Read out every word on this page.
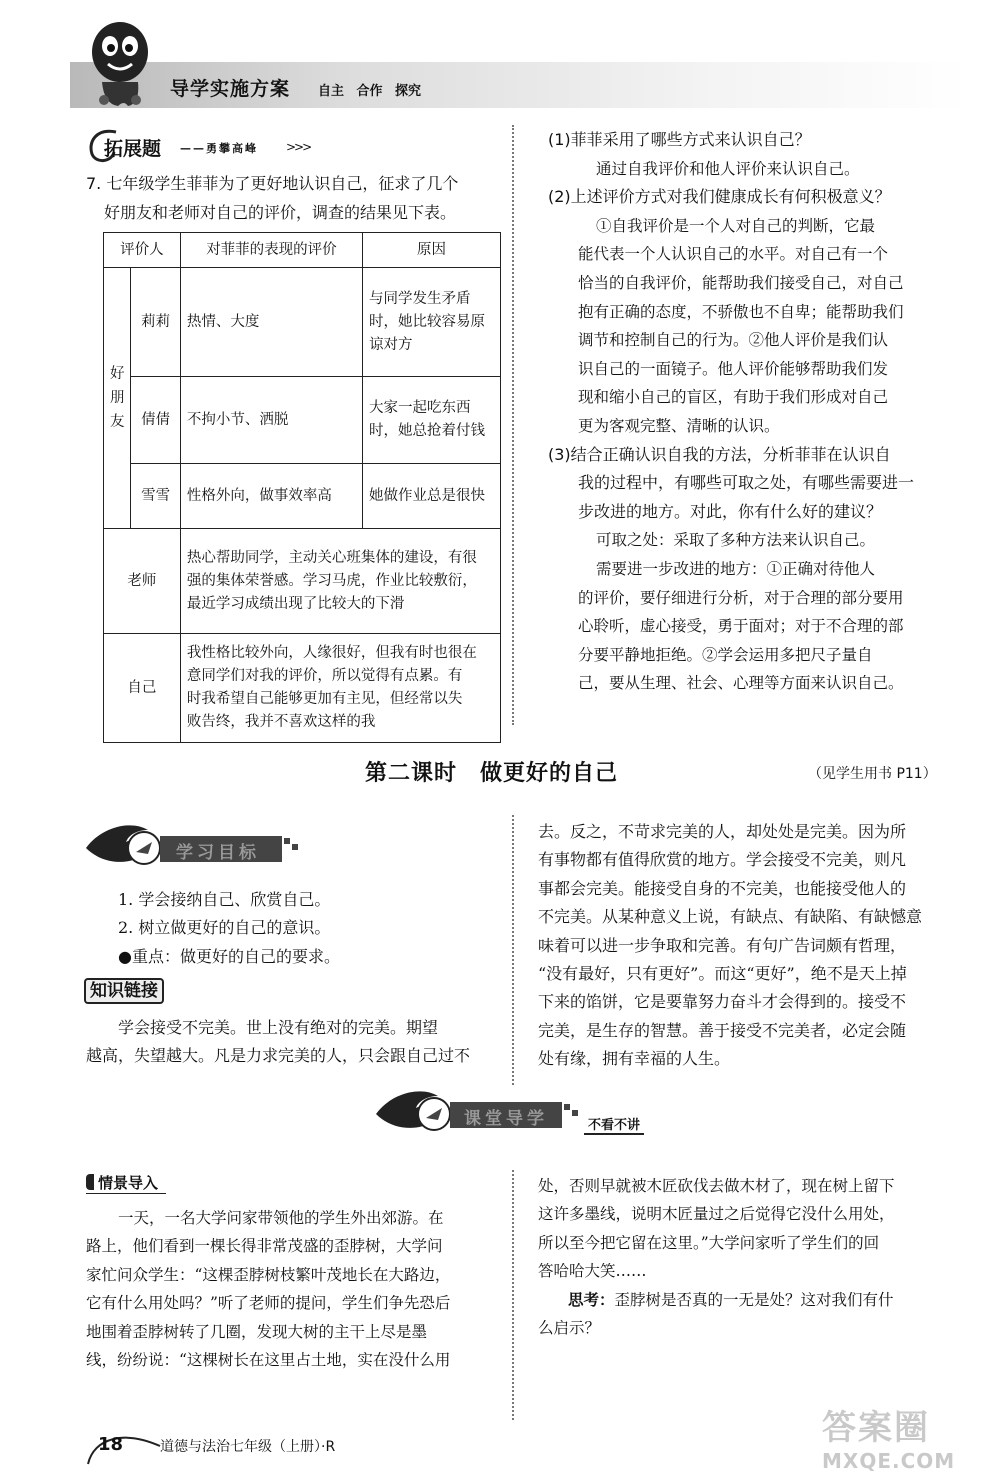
导学实施方案 自主 合作 探究
拓展题 ——勇攀高峰 >>>
7. 七年级学生菲菲为了更好地认识自己，征求了几个
好朋友和老师对自己的评价，调查的结果见下表。
评价人		对菲菲的表现的评价	原因
好朋友	莉莉	热情、大度	与同学发生矛盾
时，她比较容易原
谅对方

	倩倩	不拘小节、洒脱	大家一起吃东西
时，她总抢着付钱

	雪雪	性格外向，做事效率高	她做作业总是很快
老师		热心帮助同学，主动关心班集体的建设，有很
强的集体荣誉感。学习马虎，作业比较敷衍，
最近学习成绩出现了比较大的下滑	

自己		我性格比较外向，人缘很好，但我有时也很在
意同学们对我的评价，所以觉得有点累。有
时我希望自己能够更加有主见，但经常以失
败告终，我并不喜欢这样的我	
(1)菲菲采用了哪些方式来认识自己？
通过自我评价和他人评价来认识自己。
(2)上述评价方式对我们健康成长有何积极意义？
①自我评价是一个人对自己的判断，它最
能代表一个人认识自己的水平。对自己有一个
恰当的自我评价，能帮助我们接受自己，对自己
抱有正确的态度，不骄傲也不自卑；能帮助我们
调节和控制自己的行为。②他人评价是我们认
识自己的一面镜子。他人评价能够帮助我们发
现和缩小自己的盲区，有助于我们形成对自己
更为客观完整、清晰的认识。
(3)结合正确认识自我的方法，分析菲菲在认识自
我的过程中，有哪些可取之处，有哪些需要进一
步改进的地方。对此，你有什么好的建议？
可取之处：采取了多种方法来认识自己。
需要进一步改进的地方：①正确对待他人
的评价，要仔细进行分析，对于合理的部分要用
心聆听，虚心接受，勇于面对；对于不合理的部
分要平静地拒绝。②学会运用多把尺子量自
己，要从生理、社会、心理等方面来认识自己。
第二课时　做更好的自己	（见学生用书 P11）
学习目标
1. 学会接纳自己、欣赏自己。
2. 树立做更好的自己的意识。
●重点：做更好的自己的要求。
知识链接
学会接受不完美。世上没有绝对的完美。期望
越高，失望越大。凡是力求完美的人，只会跟自己过不
去。反之，不苛求完美的人，却处处是完美。因为所
有事物都有值得欣赏的地方。学会接受不完美，则凡
事都会完美。能接受自身的不完美，也能接受他人的
不完美。从某种意义上说，有缺点、有缺陷、有缺憾意
味着可以进一步争取和完善。有句广告词颇有哲理，
“没有最好，只有更好”。而这“更好”，绝不是天上掉
下来的馅饼，它是要靠努力奋斗才会得到的。接受不
完美，是生存的智慧。善于接受不完美者，必定会随
处有缘，拥有幸福的人生。
课堂导学	不看不讲
情景导入
一天，一名大学问家带领他的学生外出郊游。在
路上，他们看到一棵长得非常茂盛的歪脖树，大学问
家忙问众学生：“这棵歪脖树枝繁叶茂地长在大路边，
它有什么用处吗？”听了老师的提问，学生们争先恐后
地围着歪脖树转了几圈，发现大树的主干上尽是墨
线，纷纷说：“这棵树长在这里占土地，实在没什么用
处，否则早就被木匠砍伐去做木材了，现在树上留下
这许多墨线，说明木匠量过之后觉得它没什么用处，
所以至今把它留在这里。”大学问家听了学生们的回
答哈哈大笑……
思考：歪脖树是否真的一无是处？这对我们有什
么启示？
18	道德与法治七年级（上册）·R	答案圈
MXQE.COM
